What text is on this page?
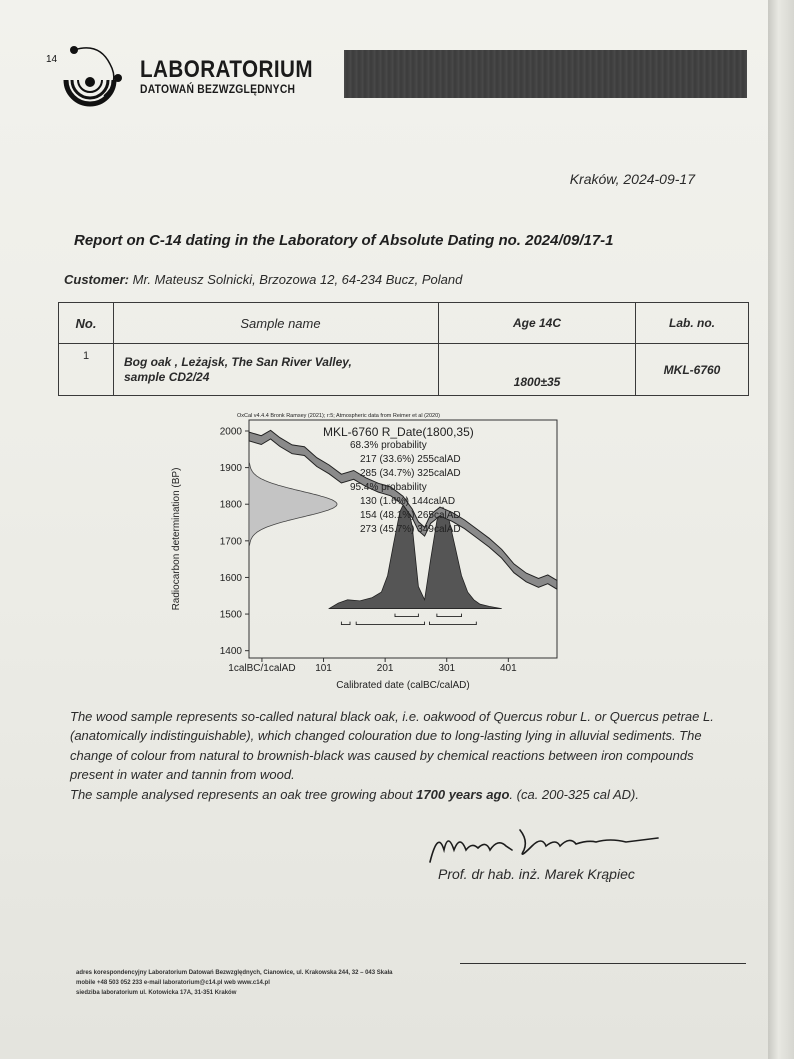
14	LABORATORIUM
DATOWAŃ BEZWZGLĘDNYCH
Kraków, 2024-09-17
Report on C-14 dating in the Laboratory of Absolute Dating no. 2024/09/17-1
Customer: Mr. Mateusz Solnicki, Brzozowa 12, 64-234 Bucz, Poland
No.	Sample name	Age 14C	Lab. no.
1	Bog oak , Leżajsk, The San River Valley,
sample CD2/24	1800±35	MKL-6760
OxCal v4.4.4 Bronk Ramsey (2021); r:5; Atmospheric data from Reimer et al (2020)
1400
1500
1600
1700
1800
1900
2000
1calBC/1calAD 101	201	301	401
Calibrated date (calBC/calAD)
Radiocarbon determination (BP)
MKL-6760 R_Date(1800,35)
68.3% probability
217 (33.6%) 255calAD
285 (34.7%) 325calAD
95.4% probability
130 (1.6%) 144calAD
154 (48.1%) 265calAD
273 (45.7%) 349calAD

The wood sample represents so-called natural black oak, i.e. oakwood of Quercus robur L. or Quercus petrae L. (anatomically indistinguishable), which changed colouration due to long-lasting lying in alluvial sediments. The change of colour from natural to brownish-black was caused by chemical reactions between iron compounds present in water and tannin from wood.

The sample analysed represents an oak tree growing about 1700 years ago. (ca. 200-325 cal AD).

Prof. dr hab. inż. Marek Krąpiec
adres korespondencyjny Laboratorium Datowań Bezwzględnych, Cianowice, ul. Krakowska 244, 32 – 043 Skała
mobile +48 503 052 233 e-mail laboratorium@c14.pl web www.c14.pl
siedziba laboratorium ul. Kotowicka 17A, 31-351 Kraków
